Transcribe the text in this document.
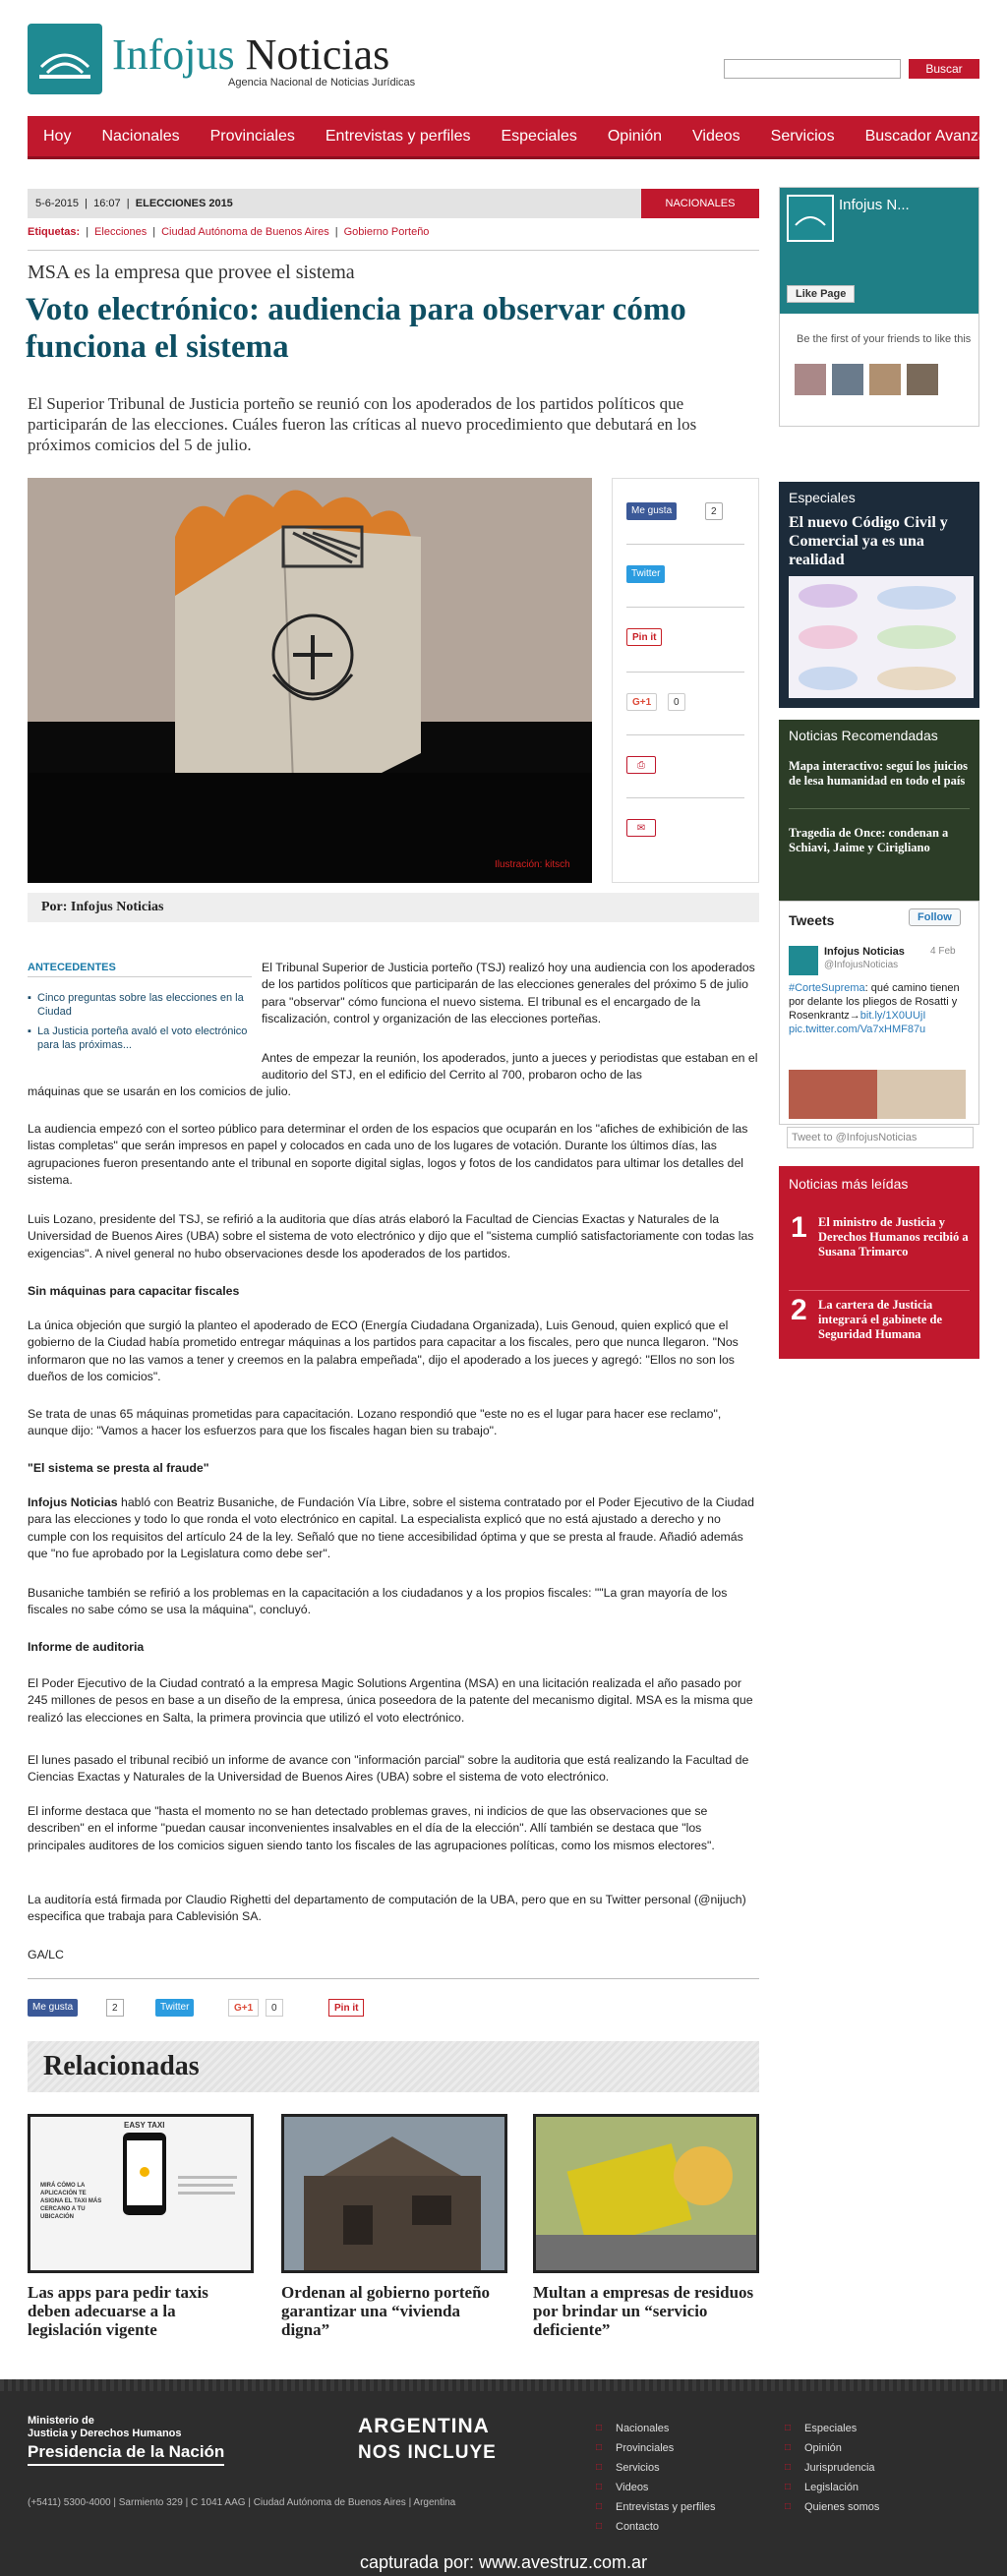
Infojus Noticias
Agencia Nacional de Noticias Jurídicas
Buscar
Hoy Nacionales Provinciales Entrevistas y perfiles Especiales Opinión Videos Servicios Buscador Avanzado
5-6-2015  |  16:07  |  ELECCIONES 2015	NACIONALES
Etiquetas: | Elecciones | Ciudad Autónoma de Buenos Aires | Gobierno Porteño
MSA es la empresa que provee el sistema
Voto electrónico: audiencia para observar cómo funciona el sistema
El Superior Tribunal de Justicia porteño se reunió con los apoderados de los partidos políticos que participarán de las elecciones. Cuáles fueron las críticas al nuevo procedimiento que debutará en los próximos comicios del 5 de julio.
Ilustración: kitsch
Me gusta	2
Twitter
Pin it
G+1	0
⎙
✉
Por: Infojus Noticias
ANTECEDENTES
▪ Cinco preguntas sobre las elecciones en la Ciudad
▪ La Justicia porteña avaló el voto electrónico para las próximas...

El Tribunal Superior de Justicia porteño (TSJ) realizó hoy una audiencia con los apoderados de los partidos políticos que participarán de las elecciones generales del próximo 5 de julio para "observar" cómo funciona el nuevo sistema. El tribunal es el encargado de la fiscalización, control y organización de las elecciones porteñas.

Antes de empezar la reunión, los apoderados, junto a jueces y periodistas que estaban en el auditorio del STJ, en el edificio del Cerrito al 700, probaron ocho de las

máquinas que se usarán en los comicios de julio.

La audiencia empezó con el sorteo público para determinar el orden de los espacios que ocuparán en los "afiches de exhibición de las listas completas" que serán impresos en papel y colocados en cada uno de los lugares de votación. Durante los últimos días, las agrupaciones fueron presentando ante el tribunal en soporte digital siglas, logos y fotos de los candidatos para ultimar los detalles del sistema.

Luis Lozano, presidente del TSJ, se refirió a la auditoria que días atrás elaboró la Facultad de Ciencias Exactas y Naturales de la Universidad de Buenos Aires (UBA) sobre el sistema de voto electrónico y dijo que el "sistema cumplió satisfactoriamente con todas las exigencias". A nivel general no hubo observaciones desde los apoderados de los partidos.

Sin máquinas para capacitar fiscales

La única objeción que surgió la planteo el apoderado de ECO (Energía Ciudadana Organizada), Luis Genoud, quien explicó que el gobierno de la Ciudad había prometido entregar máquinas a los partidos para capacitar a los fiscales, pero que nunca llegaron. "Nos informaron que no las vamos a tener y creemos en la palabra empeñada", dijo el apoderado a los jueces y agregó: "Ellos no son los dueños de los comicios".

Se trata de unas 65 máquinas prometidas para capacitación. Lozano respondió que "este no es el lugar para hacer ese reclamo", aunque dijo: "Vamos a hacer los esfuerzos para que los fiscales hagan bien su trabajo".

"El sistema se presta al fraude"

Infojus Noticias habló con Beatriz Busaniche, de Fundación Vía Libre, sobre el sistema contratado por el Poder Ejecutivo de la Ciudad para las elecciones y todo lo que ronda el voto electrónico en capital. La especialista explicó que no está ajustado a derecho y no cumple con los requisitos del artículo 24 de la ley. Señaló que no tiene accesibilidad óptima y que se presta al fraude. Añadió además que "no fue aprobado por la Legislatura como debe ser".

Busaniche también se refirió a los problemas en la capacitación a los ciudadanos y a los propios fiscales: ""La gran mayoría de los fiscales no sabe cómo se usa la máquina", concluyó.

Informe de auditoria

El Poder Ejecutivo de la Ciudad contrató a la empresa Magic Solutions Argentina (MSA) en una licitación realizada el año pasado por 245 millones de pesos en base a un diseño de la empresa, única poseedora de la patente del mecanismo digital. MSA es la misma que realizó las elecciones en Salta, la primera provincia que utilizó el voto electrónico.

El lunes pasado el tribunal recibió un informe de avance con "información parcial" sobre la auditoria que está realizando la Facultad de Ciencias Exactas y Naturales de la Universidad de Buenos Aires (UBA) sobre el sistema de voto electrónico.

El informe destaca que "hasta el momento no se han detectado problemas graves, ni indicios de que las observaciones que se describen" en el informe "puedan causar inconvenientes insalvables en el día de la elección". Allí también se destaca que "los principales auditores de los comicios siguen siendo tanto los fiscales de las agrupaciones políticas, como los mismos electores".

La auditoría está firmada por Claudio Righetti del departamento de computación de la UBA, pero que en su Twitter personal (@nijuch) especifica que trabaja para Cablevisión SA.

GA/LC

Me gusta	2	Twitter	G+1	0	Pin it
Relacionadas
EASY TAXI
MIRÁ CÓMO LA APLICACIÓN TE ASIGNA EL TAXI MÁS CERCANO A TU UBICACIÓN
Las apps para pedir taxis deben adecuarse a la legislación vigente
Ordenan al gobierno porteño garantizar una “vivienda digna”
Multan a empresas de residuos por brindar un “servicio deficiente”
Infojus N...
Like Page
Be the first of your friends to like this
Especiales
El nuevo Código Civil y Comercial ya es una realidad
Noticias Recomendadas
Mapa interactivo: seguí los juicios de lesa humanidad en todo el país
Tragedia de Once: condenan a Schiavi, Jaime y Cirigliano
Tweets	Follow
Infojus Noticias	4 Feb
@InfojusNoticias
#CorteSuprema: qué camino tienen por delante los pliegos de Rosatti y Rosenkrantz→bit.ly/1X0UUjI pic.twitter.com/Va7xHMF87u
Tweet to @InfojusNoticias
Noticias más leídas
1 El ministro de Justicia y Derechos Humanos recibió a Susana Trimarco
2 La cartera de Justicia integrará el gabinete de Seguridad Humana
Ministerio de
Justicia y Derechos Humanos
Presidencia de la Nación
(+5411) 5300-4000 | Sarmiento 329 | C 1041 AAG | Ciudad Autónoma de Buenos Aires | Argentina
ARGENTINA
NOS INCLUYE
□ Nacionales
□ Provinciales
□ Servicios
□ Videos
□ Entrevistas y perfiles
□ Contacto
□ Especiales
□ Opinión
□ Jurisprudencia
□ Legislación
□ Quienes somos
capturada por: www.avestruz.com.ar
